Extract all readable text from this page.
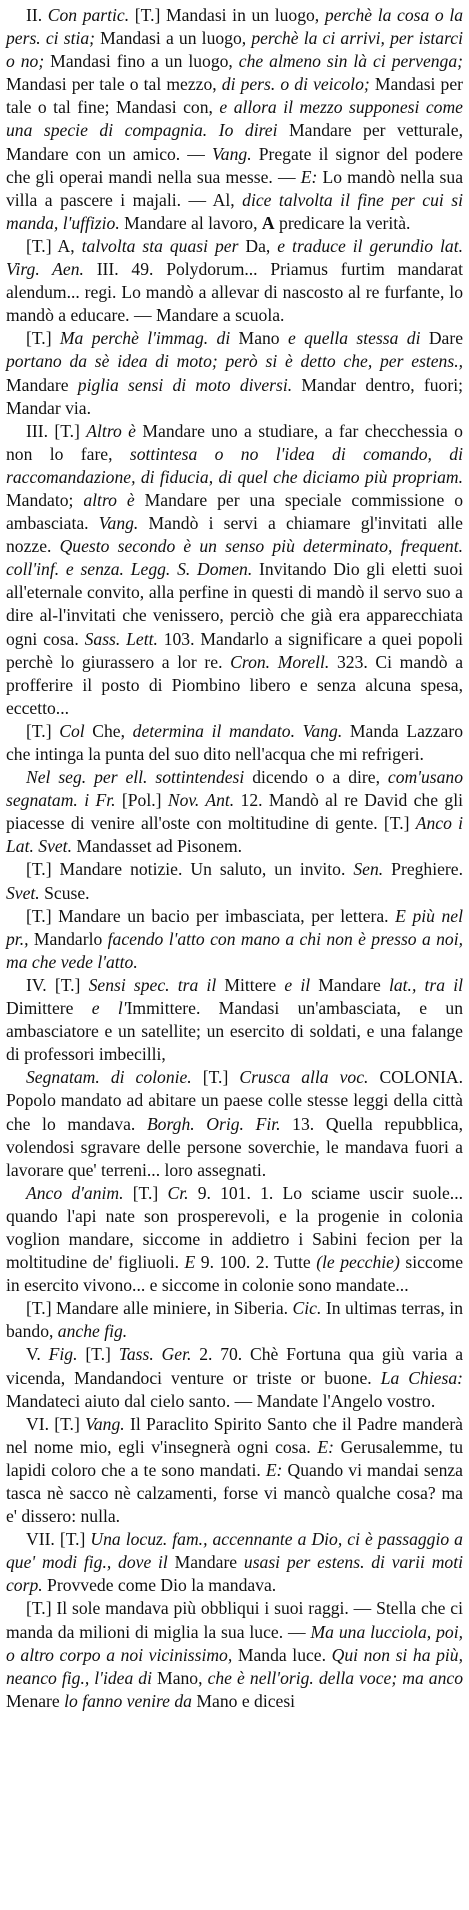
II. Con partic. [T.] Mandasi in un luogo, perchè la cosa o la pers. ci stia; Mandasi a un luogo, perchè la ci arrivi, per istarci o no; Mandasi fino a un luogo, che almeno sin là ci pervenga; Mandasi per tale o tal mezzo, di pers. o di veicolo; Mandasi per tale o tal fine; Mandasi con, e allora il mezzo supponesi come una specie di compagnia. Io direi Mandare per vetturale, Mandare con un amico. — Vang. Pregate il signor del podere che gli operai mandi nella sua messe. — E: Lo mandò nella sua villa a pascere i majali. — Al, dice talvolta il fine per cui si manda, l'uffizio. Mandare al lavoro, A predicare la verità.

[T.] A, talvolta sta quasi per Da, e traduce il gerundio lat. Virg. Aen. III. 49. Polydorum... Priamus furtim mandarat alendum... regi. Lo mandò a allevar di nascosto al re furfante, lo mandò a educare. — Mandare a scuola.

[T.] Ma perchè l'immag. di Mano e quella stessa di Dare portano da sè idea di moto; però si è detto che, per estens., Mandare piglia sensi di moto diversi. Mandar dentro, fuori; Mandar via.

III. [T.] Altro è Mandare uno a studiare, a far checchessia o non lo fare, sottintesa o no l'idea di comando, di raccomandazione, di fiducia, di quel che diciamo più propriam. Mandato; altro è Mandare per una speciale commissione o ambasciata. Vang. Mandò i servi a chiamare gl'invitati alle nozze. Questo secondo è un senso più determinato, frequent. coll'inf. e senza. Legg. S. Domen. Invitando Dio gli eletti suoi all'eternale convito, alla perfine in questi di mandò il servo suo a dire al-l'invitati che venissero, perciò che già era apparecchiata ogni cosa. Sass. Lett. 103. Mandarlo a significare a quei popoli perchè lo giurassero a lor re. Cron. Morell. 323. Ci mandò a profferire il posto di Piombino libero e senza alcuna spesa, eccetto...

[T.] Col Che, determina il mandato. Vang. Manda Lazzaro che intinga la punta del suo dito nell'acqua che mi refrigeri.

Nel seg. per ell. sottintendesi dicendo o a dire, com'usano segnatam. i Fr. [Pol.] Nov. Ant. 12. Mandò al re David che gli piacesse di venire all'oste con moltitudine di gente. [T.] Anco i Lat. Svet. Mandasset ad Pisonem.

[T.] Mandare notizie. Un saluto, un invito. Sen. Preghiere. Svet. Scuse.

[T.] Mandare un bacio per imbasciata, per lettera. E più nel pr., Mandarlo facendo l'atto con mano a chi non è presso a noi, ma che vede l'atto.

IV. [T.] Sensi spec. tra il Mittere e il Mandare lat., tra il Dimittere e l'Immittere. Mandasi un'ambasciata, e un ambasciatore e un satellite; un esercito di soldati, e una falange di professori imbecilli,

Segnatam. di colonie. [T.] Crusca alla voc. COLONIA. Popolo mandato ad abitare un paese colle stesse leggi della città che lo mandava. Borgh. Orig. Fir. 13. Quella repubblica, volendosi sgravare delle persone soverchie, le mandava fuori a lavorare que' terreni... loro assegnati.

Anco d'anim. [T.] Cr. 9. 101. 1. Lo sciame uscir suole... quando l'api nate son prosperevoli, e la progenie in colonia voglion mandare, siccome in addietro i Sabini fecion per la moltitudine de' figliuoli. E 9. 100. 2. Tutte (le pecchie) siccome in esercito vivono... e siccome in colonie sono mandate...

[T.] Mandare alle miniere, in Siberia. Cic. In ultimas terras, in bando, anche fig.

V. Fig. [T.] Tass. Ger. 2. 70. Chè Fortuna qua giù varia a vicenda, Mandandoci venture or triste or buone. La Chiesa: Mandateci aiuto dal cielo santo. — Mandate l'Angelo vostro.

VI. [T.] Vang. Il Paraclito Spirito Santo che il Padre manderà nel nome mio, egli v'insegnerà ogni cosa. E: Gerusalemme, tu lapidi coloro che a te sono mandati. E: Quando vi mandai senza tasca nè sacco nè calzamenti, forse vi mancò qualche cosa? ma e' dissero: nulla.

VII. [T.] Una locuz. fam., accennante a Dio, ci è passaggio a que' modi fig., dove il Mandare usasi per estens. di varii moti corp. Provvede come Dio la mandava.

[T.] Il sole mandava più obbliqui i suoi raggi. — Stella che ci manda da milioni di miglia la sua luce. — Ma una lucciola, poi, o altro corpo a noi vicinissimo, Manda luce. Qui non si ha più, neanco fig., l'idea di Mano, che è nell'orig. della voce; ma anco Menare lo fanno venire da Mano e dicesi
